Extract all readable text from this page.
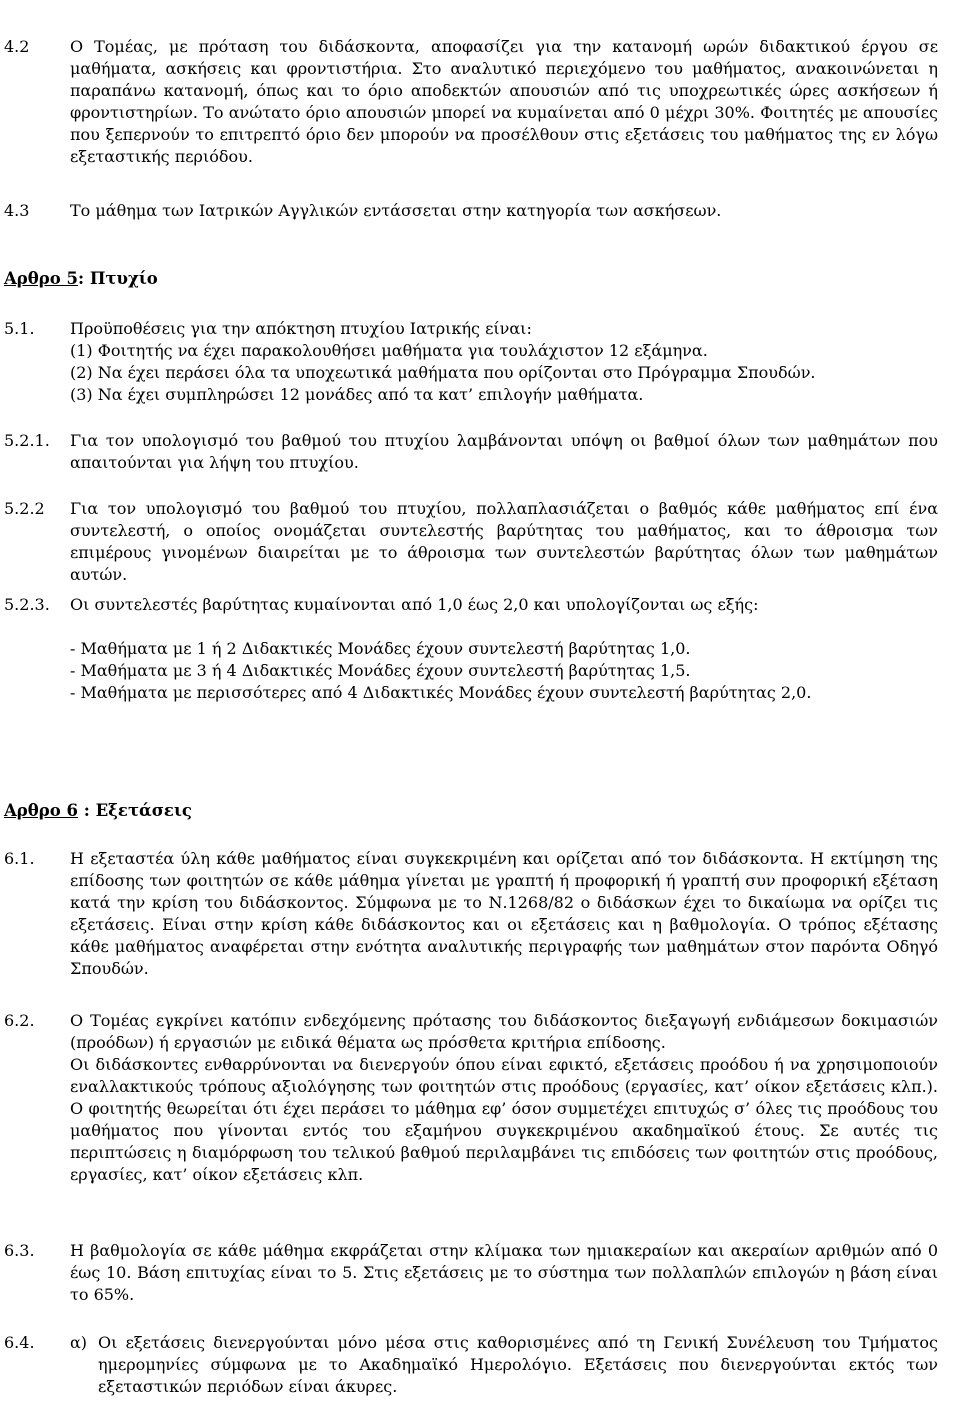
4.2	Ο Τομέας, με πρόταση του διδάσκοντα, αποφασίζει για την κατανομή ωρών διδακτικού έργου σε μαθήματα, ασκήσεις και φροντιστήρια. Στο αναλυτικό περιεχόμενο του μαθήματος, ανακοινώνεται η παραπάνω κατανομή, όπως και το όριο αποδεκτών απουσιών από τις υποχρεωτικές ώρες ασκήσεων ή φροντιστηρίων. Το ανώτατο όριο απουσιών μπορεί να κυμαίνεται από 0 μέχρι 30%. Φοιτητές με απουσίες που ξεπερνούν το επιτρεπτό όριο δεν μπορούν να προσέλθουν στις εξετάσεις του μαθήματος της εν λόγω εξεταστικής περιόδου.
4.3	Το μάθημα των Ιατρικών Αγγλικών εντάσσεται στην κατηγορία των ασκήσεων.
Αρθρο 5: Πτυχίο
5.1. Προϋποθέσεις για την απόκτηση πτυχίου Ιατρικής είναι:
(1) Φοιτητής να έχει παρακολουθήσει μαθήματα για τουλάχιστον 12 εξάμηνα.
(2) Να έχει περάσει όλα τα υποχεωτικά μαθήματα που ορίζονται στο Πρόγραμμα Σπουδών.
(3) Να έχει συμπληρώσει 12 μονάδες από τα κατ’ επιλογήν μαθήματα.
5.2.1. Για τον υπολογισμό του βαθμού του πτυχίου λαμβάνονται υπόψη οι βαθμοί όλων των μαθημάτων που απαιτούνται για λήψη του πτυχίου.
5.2.2 Για τον υπολογισμό του βαθμού του πτυχίου, πολλαπλασιάζεται ο βαθμός κάθε μαθήματος επί ένα συντελεστή, ο οποίος ονομάζεται συντελεστής βαρύτητας του μαθήματος, και το άθροισμα των επιμέρους γινομένων διαιρείται με το άθροισμα των συντελεστών βαρύτητας όλων των μαθημάτων αυτών.
5.2.3. Οι συντελεστές βαρύτητας κυμαίνονται από 1,0 έως 2,0 και υπολογίζονται ως εξής:
- Μαθήματα με 1 ή 2 Διδακτικές Μονάδες έχουν συντελεστή βαρύτητας 1,0.
- Μαθήματα με 3 ή 4 Διδακτικές Μονάδες έχουν συντελεστή βαρύτητας 1,5.
- Μαθήματα με περισσότερες από 4 Διδακτικές Μονάδες έχουν συντελεστή βαρύτητας 2,0.
Αρθρο 6 : Εξετάσεις
6.1. Η εξεταστέα ύλη κάθε μαθήματος είναι συγκεκριμένη και ορίζεται από τον διδάσκοντα. Η εκτίμηση της επίδοσης των φοιτητών σε κάθε μάθημα γίνεται με γραπτή ή προφορική ή γραπτή συν προφορική εξέταση κατά την κρίση του διδάσκοντος. Σύμφωνα με το Ν.1268/82 ο διδάσκων έχει το δικαίωμα να ορίζει τις εξετάσεις. Είναι στην κρίση κάθε διδάσκοντος και οι εξετάσεις και η βαθμολογία. Ο τρόπος εξέτασης κάθε μαθήματος αναφέρεται στην ενότητα αναλυτικής περιγραφής των μαθημάτων στον παρόντα Οδηγό Σπουδών.
6.2. Ο Τομέας εγκρίνει κατόπιν ενδεχόμενης πρότασης του διδάσκοντος διεξαγωγή ενδιάμεσων δοκιμασιών (προόδων) ή εργασιών με ειδικά θέματα ως πρόσθετα κριτήρια επίδοσης.

Οι διδάσκοντες ενθαρρύνονται να διενεργούν όπου είναι εφικτό, εξετάσεις προόδου ή να χρησιμοποιούν εναλλακτικούς τρόπους αξιολόγησης των φοιτητών στις προόδους (εργασίες, κατ’ οίκον εξετάσεις κλπ.). Ο φοιτητής θεωρείται ότι έχει περάσει το μάθημα εφ’ όσον συμμετέχει επιτυχώς σ’ όλες τις προόδους του μαθήματος που γίνονται εντός του εξαμήνου συγκεκριμένου ακαδημαϊκού έτους. Σε αυτές τις περιπτώσεις η διαμόρφωση του τελικού βαθμού περιλαμβάνει τις επιδόσεις των φοιτητών στις προόδους, εργασίες, κατ’ οίκον εξετάσεις κλπ.

6.3. Η βαθμολογία σε κάθε μάθημα εκφράζεται στην κλίμακα των ημιακεραίων και ακεραίων αριθμών από 0 έως 10. Βάση επιτυχίας είναι το 5. Στις εξετάσεις με το σύστημα των πολλαπλών επιλογών η βάση είναι το 65%.
6.4. α) Οι εξετάσεις διενεργούνται μόνο μέσα στις καθορισμένες από τη Γενική Συνέλευση του Τμήματος ημερομηνίες σύμφωνα με το Ακαδημαϊκό Ημερολόγιο. Εξετάσεις που διενεργούνται εκτός των εξεταστικών περιόδων είναι άκυρες.
